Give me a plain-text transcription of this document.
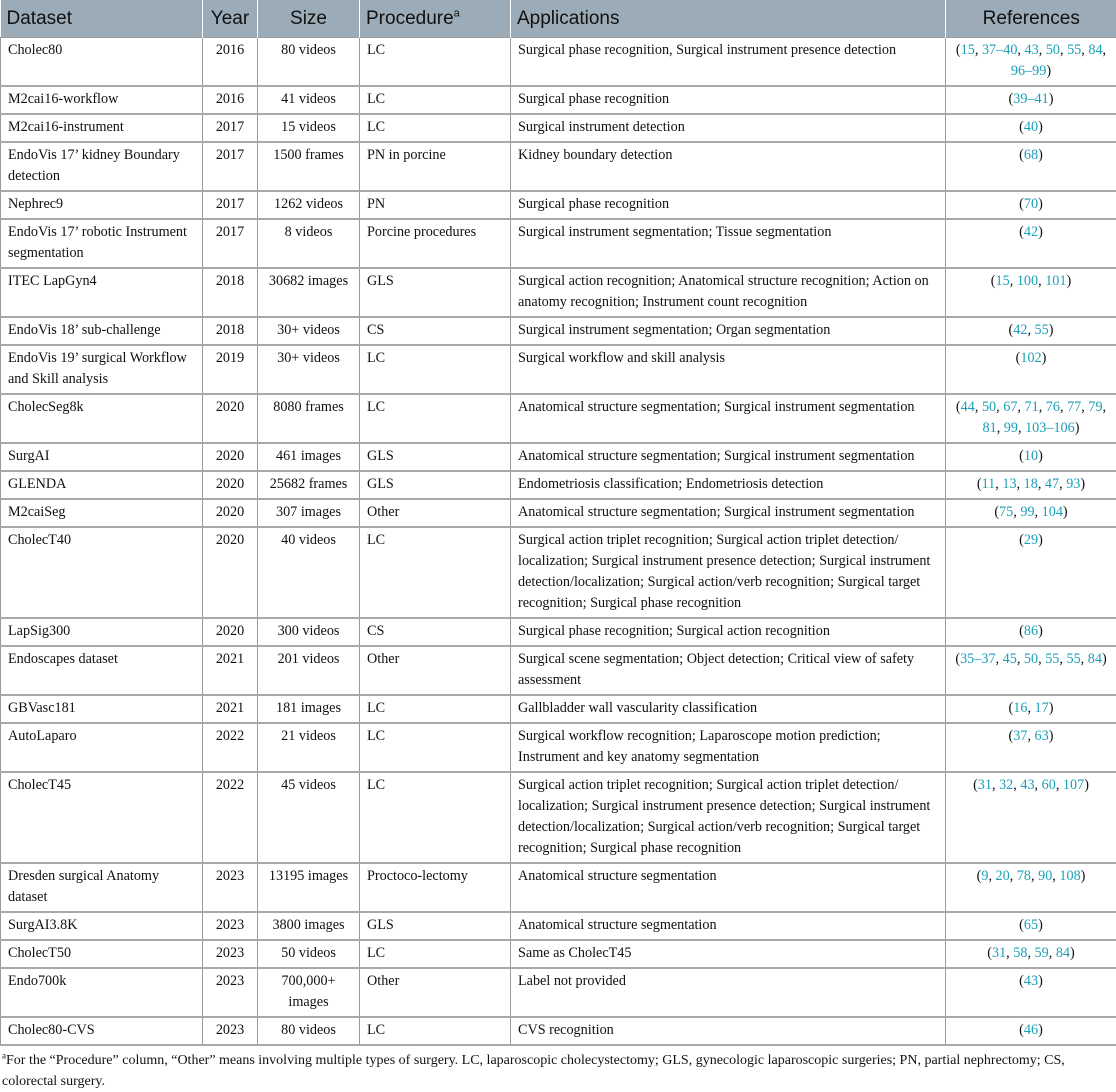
Dataset	Year	Size	Procedure$^a$	Applications	References
Cholec80	2016	80 videos	LC	Surgical phase recognition, Surgical instrument presence detection	(15, 37–40, 43, 50, 55, 84, 96–99)
M2cai16-workflow	2016	41 videos	LC	Surgical phase recognition	(39–41)
M2cai16-instrument	2017	15 videos	LC	Surgical instrument detection	(40)
EndoVis 17’ kidney Boundary detection	2017	1500 frames	PN in porcine	Kidney boundary detection	(68)
Nephrec9	2017	1262 videos	PN	Surgical phase recognition	(70)
EndoVis 17’ robotic Instrument segmentation	2017	8 videos	Porcine procedures	Surgical instrument segmentation; Tissue segmentation	(42)
ITEC LapGyn4	2018	30682 images	GLS	Surgical action recognition; Anatomical structure recognition; Action on anatomy recognition; Instrument count recognition	(15, 100, 101)
EndoVis 18’ sub-challenge	2018	30+ videos	CS	Surgical instrument segmentation; Organ segmentation	(42, 55)
EndoVis 19’ surgical Workflow and Skill analysis	2019	30+ videos	LC	Surgical workflow and skill analysis	(102)
CholecSeg8k	2020	8080 frames	LC	Anatomical structure segmentation; Surgical instrument segmentation	(44, 50, 67, 71, 76, 77, 79, 81, 99, 103–106)
SurgAI	2020	461 images	GLS	Anatomical structure segmentation; Surgical instrument segmentation	(10)
GLENDA	2020	25682 frames	GLS	Endometriosis classification; Endometriosis detection	(11, 13, 18, 47, 93)
M2caiSeg	2020	307 images	Other	Anatomical structure segmentation; Surgical instrument segmentation	(75, 99, 104)
CholecT40	2020	40 videos	LC	Surgical action triplet recognition; Surgical action triplet detection/ localization; Surgical instrument presence detection; Surgical instrument detection/localization; Surgical action/verb recognition; Surgical target recognition; Surgical phase recognition	(29)
LapSig300	2020	300 videos	CS	Surgical phase recognition; Surgical action recognition	(86)
Endoscapes dataset	2021	201 videos	Other	Surgical scene segmentation; Object detection; Critical view of safety assessment	(35–37, 45, 50, 55, 55, 84)
GBVasc181	2021	181 images	LC	Gallbladder wall vascularity classification	(16, 17)
AutoLaparo	2022	21 videos	LC	Surgical workflow recognition; Laparoscope motion prediction; Instrument and key anatomy segmentation	(37, 63)
CholecT45	2022	45 videos	LC	Surgical action triplet recognition; Surgical action triplet detection/ localization; Surgical instrument presence detection; Surgical instrument detection/localization; Surgical action/verb recognition; Surgical target recognition; Surgical phase recognition	(31, 32, 43, 60, 107)
Dresden surgical Anatomy dataset	2023	13195 images	Proctoco-lectomy	Anatomical structure segmentation	(9, 20, 78, 90, 108)
SurgAI3.8K	2023	3800 images	GLS	Anatomical structure segmentation	(65)
CholecT50	2023	50 videos	LC	Same as CholecT45	(31, 58, 59, 84)
Endo700k	2023	700,000+ images	Other	Label not provided	(43)
Cholec80-CVS	2023	80 videos	LC	CVS recognition	(46)

$^a$For the “Procedure” column, “Other” means involving multiple types of surgery. LC, laparoscopic cholecystectomy; GLS, gynecologic laparoscopic surgeries; PN, partial nephrectomy; CS, colorectal surgery.
